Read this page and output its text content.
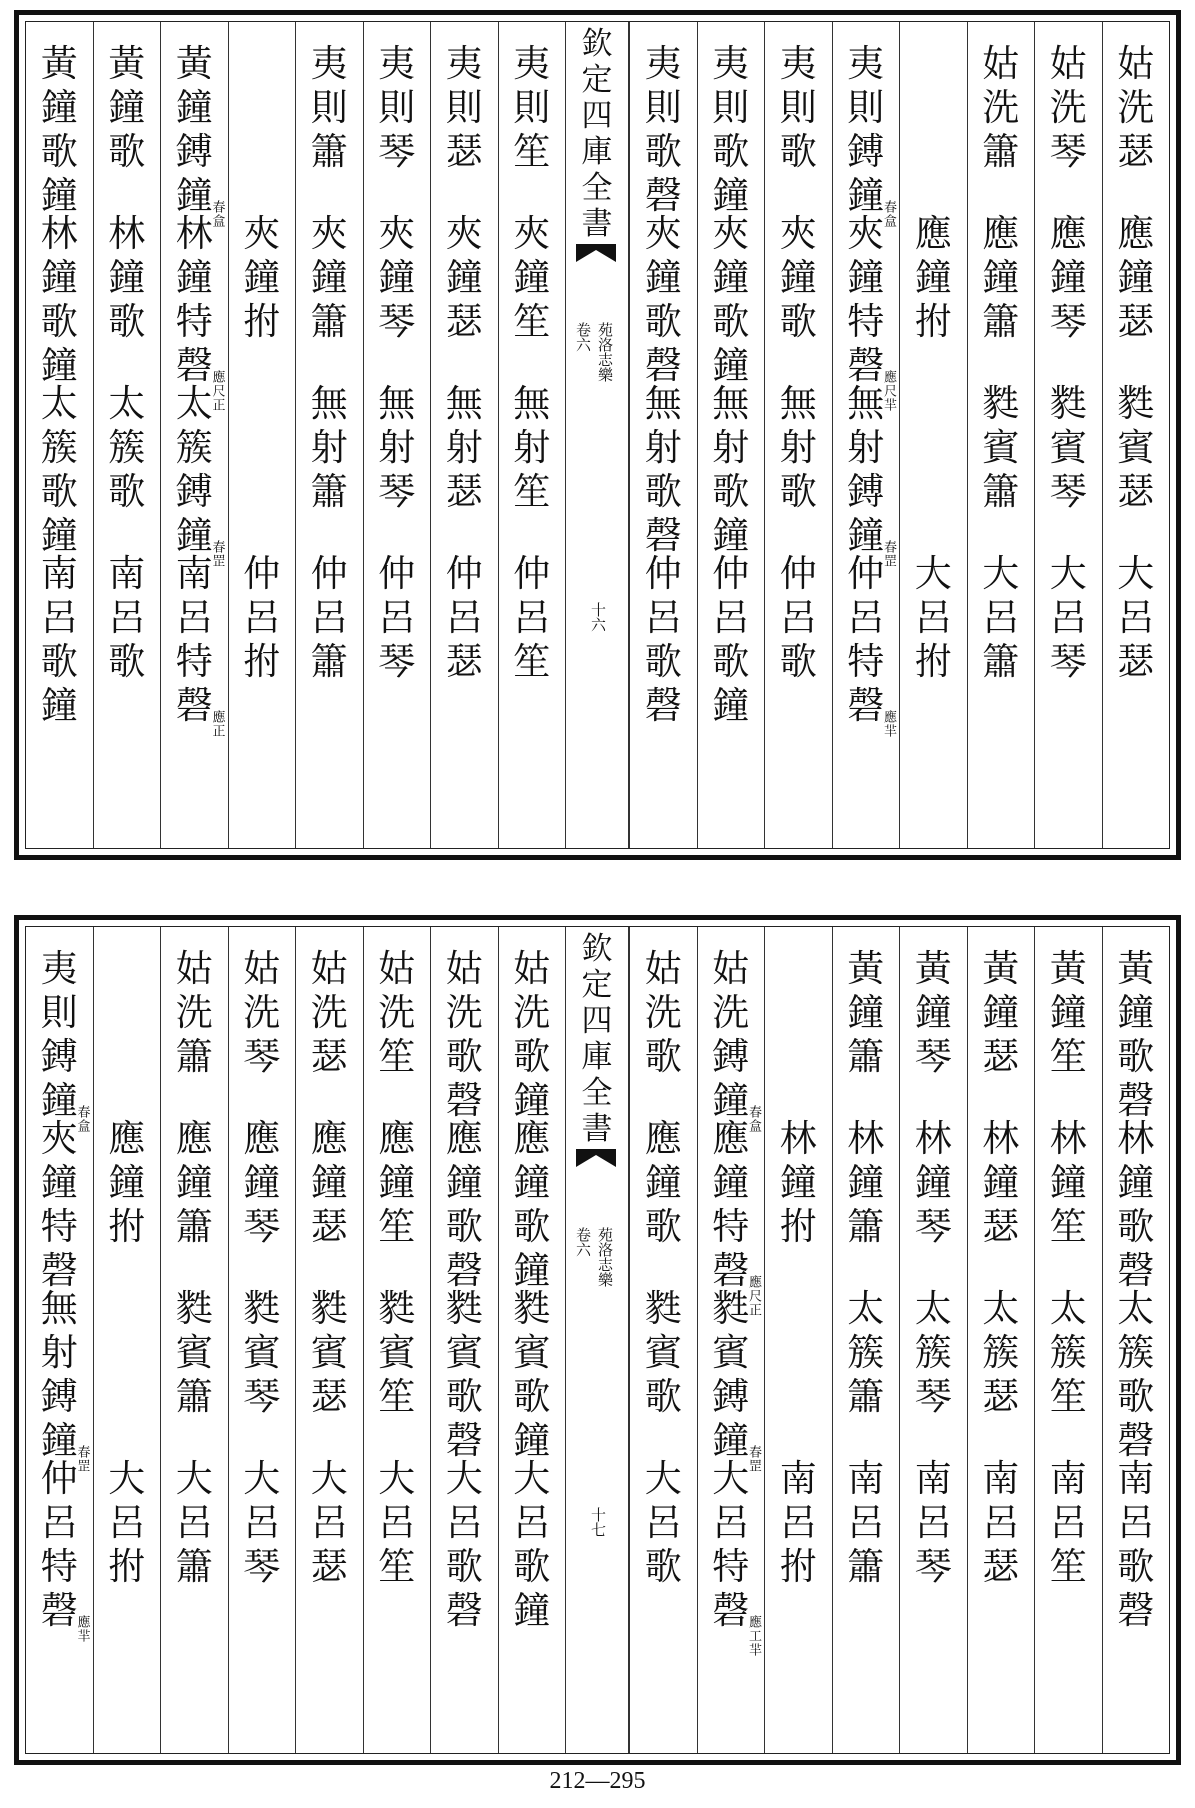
姑
洗
瑟
應
鐘
瑟
㽔
賓
瑟
大
呂
瑟
姑
洗
琴
應
鐘
琴
㽔
賓
琴
大
呂
琴
姑
洗
簫
應
鐘
簫
㽔
賓
簫
大
呂
簫
應
鐘
拊
大
呂
拊
夷
則
鎛
鐘
春盒
夾
鐘
特
磬
應尺羋
無
射
鎛
鐘
春罡
仲
呂
特
磬
應羋
夷
則
歌
夾
鐘
歌
無
射
歌
仲
呂
歌
夷
則
歌
鐘
夾
鐘
歌
鐘
無
射
歌
鐘
仲
呂
歌
鐘
夷
則
歌
磬
夾
鐘
歌
磬
無
射
歌
磬
仲
呂
歌
磬
欽
定
四
庫
全
書
苑洛志樂
卷六
十六
夷
則
笙
夾
鐘
笙
無
射
笙
仲
呂
笙
夷
則
瑟
夾
鐘
瑟
無
射
瑟
仲
呂
瑟
夷
則
琴
夾
鐘
琴
無
射
琴
仲
呂
琴
夷
則
簫
夾
鐘
簫
無
射
簫
仲
呂
簫
夾
鐘
拊
仲
呂
拊
黃
鐘
鎛
鐘
春盒
林
鐘
特
磬
應尺正
太
簇
鎛
鐘
春罡
南
呂
特
磬
應正
黃
鐘
歌
林
鐘
歌
太
簇
歌
南
呂
歌
黃
鐘
歌
鐘
林
鐘
歌
鐘
太
簇
歌
鐘
南
呂
歌
鐘
黃
鐘
歌
磬
林
鐘
歌
磬
太
簇
歌
磬
南
呂
歌
磬
黃
鐘
笙
林
鐘
笙
太
簇
笙
南
呂
笙
黃
鐘
瑟
林
鐘
瑟
太
簇
瑟
南
呂
瑟
黃
鐘
琴
林
鐘
琴
太
簇
琴
南
呂
琴
黃
鐘
簫
林
鐘
簫
太
簇
簫
南
呂
簫
林
鐘
拊
南
呂
拊
姑
洗
鎛
鐘
春盒
應
鐘
特
磬
應尺正
㽔
賓
鎛
鐘
春罡
大
呂
特
磬
應工羋
姑
洗
歌
應
鐘
歌
㽔
賓
歌
大
呂
歌
欽
定
四
庫
全
書
苑洛志樂
卷六
十七
姑
洗
歌
鐘
應
鐘
歌
鐘
㽔
賓
歌
鐘
大
呂
歌
鐘
姑
洗
歌
磬
應
鐘
歌
磬
㽔
賓
歌
磬
大
呂
歌
磬
姑
洗
笙
應
鐘
笙
㽔
賓
笙
大
呂
笙
姑
洗
瑟
應
鐘
瑟
㽔
賓
瑟
大
呂
瑟
姑
洗
琴
應
鐘
琴
㽔
賓
琴
大
呂
琴
姑
洗
簫
應
鐘
簫
㽔
賓
簫
大
呂
簫
應
鐘
拊
大
呂
拊
夷
則
鎛
鐘
春盒
夾
鐘
特
磬
無
射
鎛
鐘
春罡
仲
呂
特
磬
應羋
212—295
